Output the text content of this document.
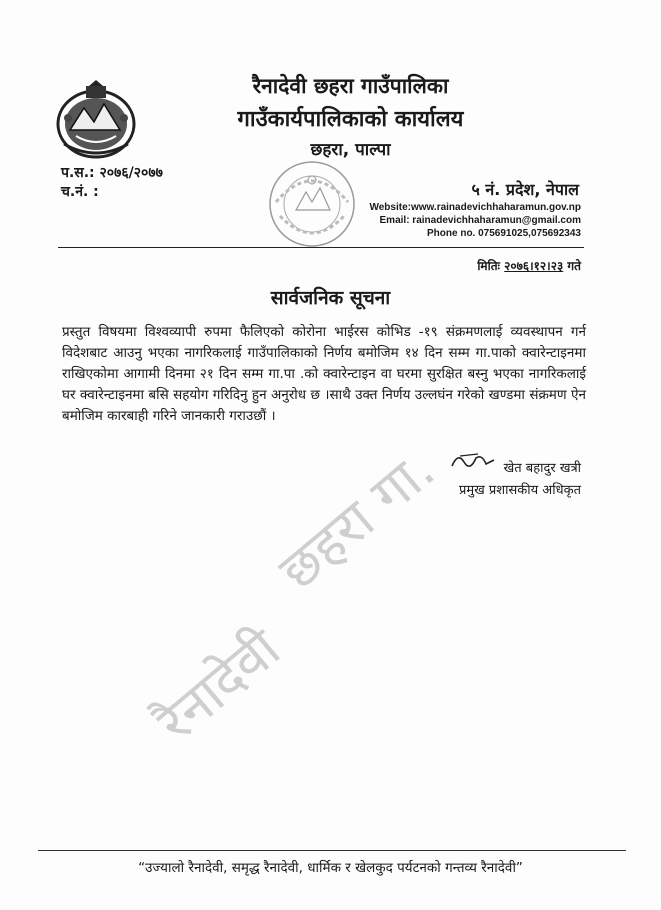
रैनादेवी छहरा गाउँपालिका
गाउँकार्यपालिकाको कार्यालय
छहरा, पाल्पा
प.स.: २०७६/२०७७
च.नं. :	५ नं. प्रदेश, नेपाल
Website:www.rainadevichhaharamun.gov.np
Email: rainadevichhaharamun@gmail.com
Phone no. 075691025,075692343
मितिः २०७६।१२।२३ गते
सार्वजनिक सूचना
प्रस्तुत विषयमा विश्वव्यापी रुपमा फैलिएको कोरोना भाईरस कोभिड -१९ संक्रमणलाई व्यवस्थापन गर्न विदेशबाट आउनु भएका नागरिकलाई गाउँपालिकाको निर्णय बमोजिम १४ दिन सम्म गा.पाको क्वारेन्टाइनमा राखिएकोमा आगामी दिनमा २१ दिन सम्म गा.पा .को क्वारेन्टाइन वा घरमा सुरक्षित बस्नु भएका नागरिकलाई घर क्वारेन्टाइनमा बसि सहयोग गरिदिनु हुन अनुरोध छ ।साथै उक्त निर्णय उल्लघंन गरेको खण्डमा संक्रमण ऐन बमोजिम कारबाही गरिने जानकारी गराउछौं ।
छहरा गा.
रैनादेवी
खेत बहादुर खत्री
प्रमुख प्रशासकीय अधिकृत
“उज्यालो रैनादेवी, समृद्ध रैनादेवी, धार्मिक र खेलकुद पर्यटनको गन्तव्य रैनादेवी”
